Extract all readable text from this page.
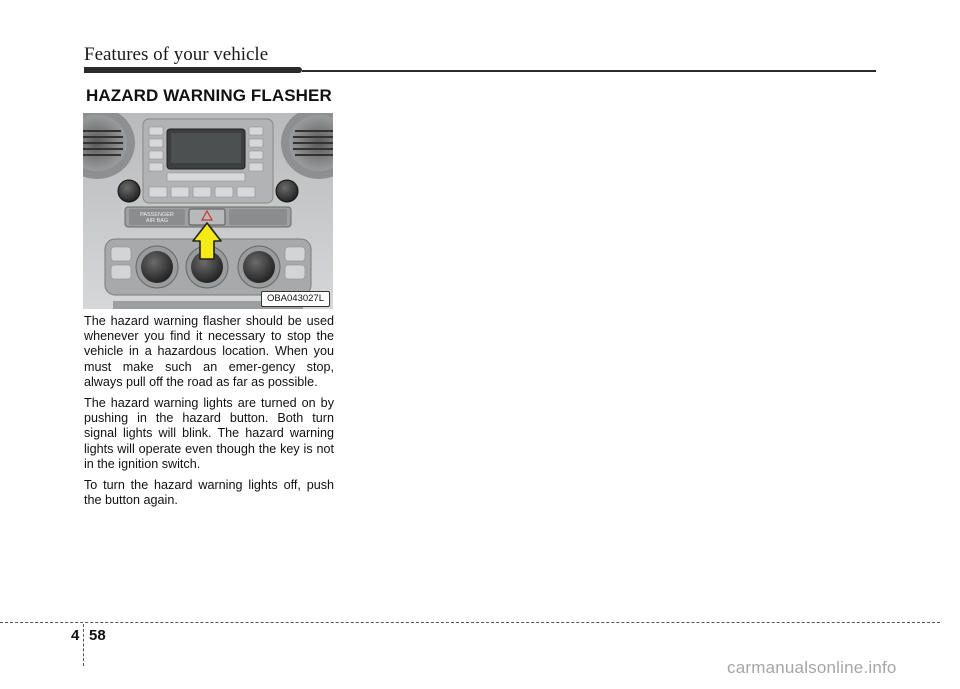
Features of your vehicle
HAZARD WARNING FLASHER
PASSENGER
AIR BAG
OBA043027L

The hazard warning flasher should be used whenever you find it necessary to stop the vehicle in a hazardous location. When you must make such an emer-gency stop, always pull off the road as far as possible.

The hazard warning lights are turned on by pushing in the hazard button. Both turn signal lights will blink. The hazard warning lights will operate even though the key is not in the ignition switch.

To turn the hazard warning lights off, push the button again.

4 58
carmanualsonline.info
